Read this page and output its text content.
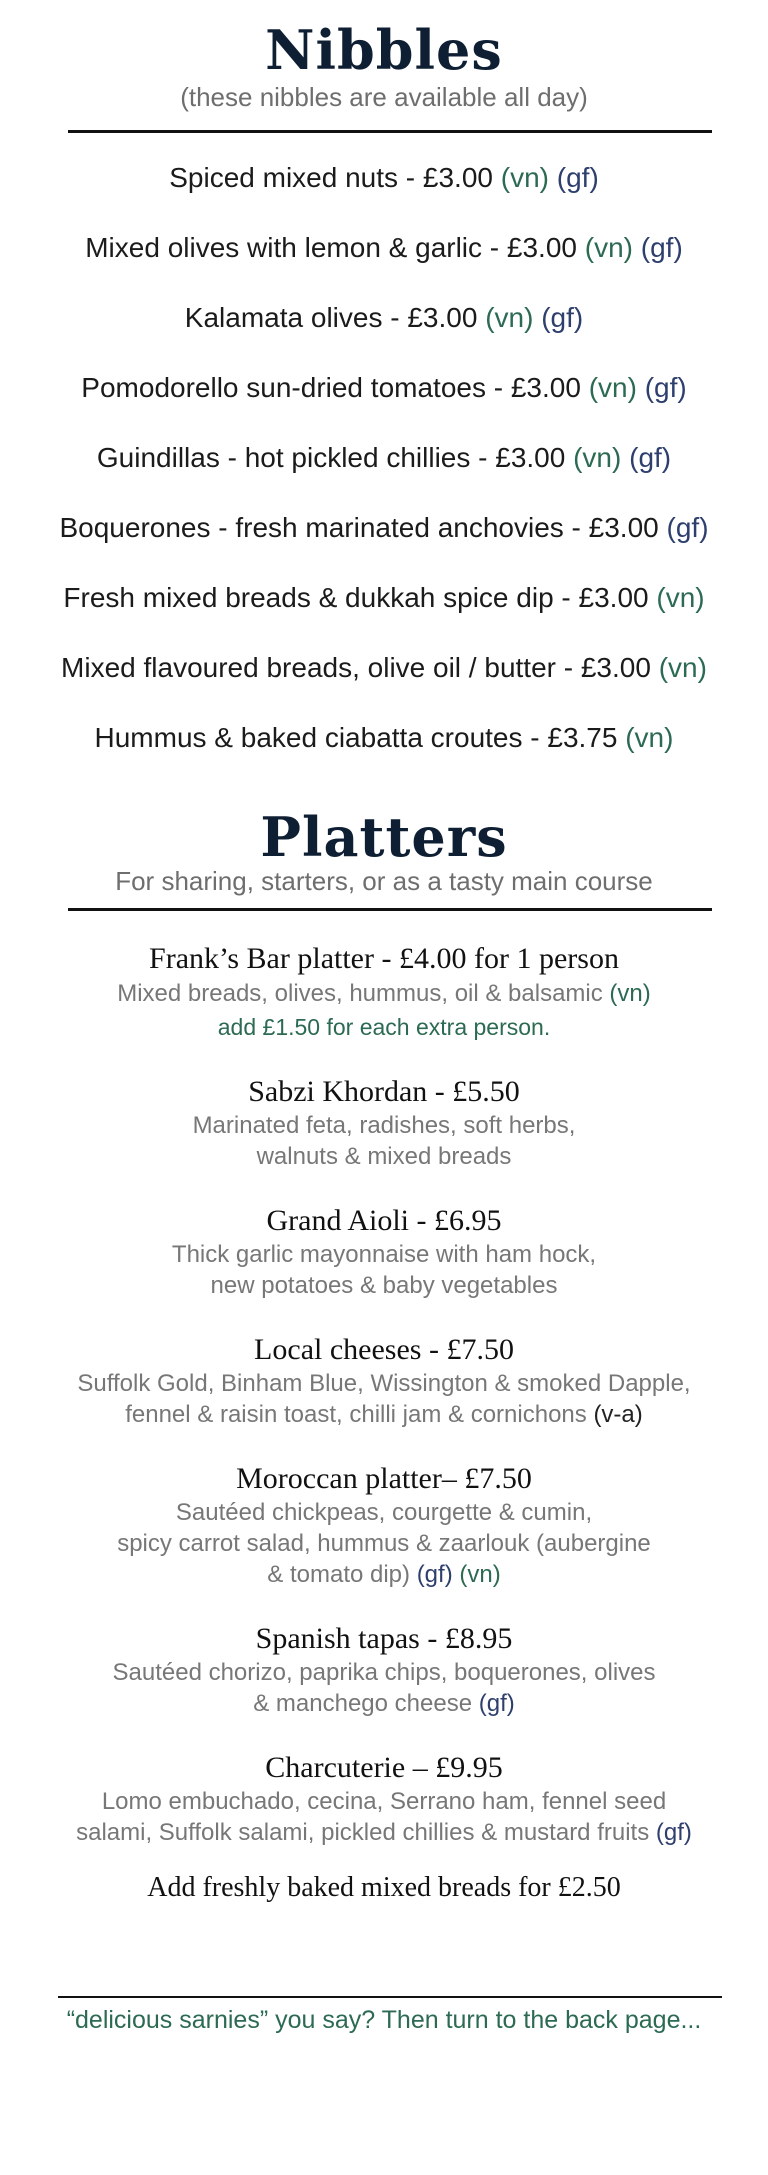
Nibbles
(these nibbles are available all day)
Spiced mixed nuts - £3.00 (vn) (gf)
Mixed olives with lemon & garlic - £3.00 (vn) (gf)
Kalamata olives - £3.00 (vn) (gf)
Pomodorello sun-dried tomatoes - £3.00 (vn) (gf)
Guindillas - hot pickled chillies - £3.00 (vn) (gf)
Boquerones - fresh marinated anchovies - £3.00 (gf)
Fresh mixed breads & dukkah spice dip - £3.00 (vn)
Mixed flavoured breads, olive oil / butter - £3.00 (vn)
Hummus & baked ciabatta croutes - £3.75 (vn)
Platters
For sharing, starters, or as a tasty main course
Frank’s Bar platter - £4.00 for 1 person
Mixed breads, olives, hummus, oil & balsamic (vn)
add £1.50 for each extra person.
Sabzi Khordan - £5.50
Marinated feta, radishes, soft herbs,
walnuts & mixed breads
Grand Aioli - £6.95
Thick garlic mayonnaise with ham hock,
new potatoes & baby vegetables
Local cheeses - £7.50
Suffolk Gold, Binham Blue, Wissington & smoked Dapple,
fennel & raisin toast, chilli jam & cornichons (v-a)
Moroccan platter– £7.50
Sautéed chickpeas, courgette & cumin,
spicy carrot salad, hummus & zaarlouk (aubergine
& tomato dip) (gf) (vn)
Spanish tapas - £8.95
Sautéed chorizo, paprika chips, boquerones, olives
& manchego cheese (gf)
Charcuterie – £9.95
Lomo embuchado, cecina, Serrano ham, fennel seed
salami, Suffolk salami, pickled chillies & mustard fruits (gf)
Add freshly baked mixed breads for £2.50
“delicious sarnies” you say? Then turn to the back page...
